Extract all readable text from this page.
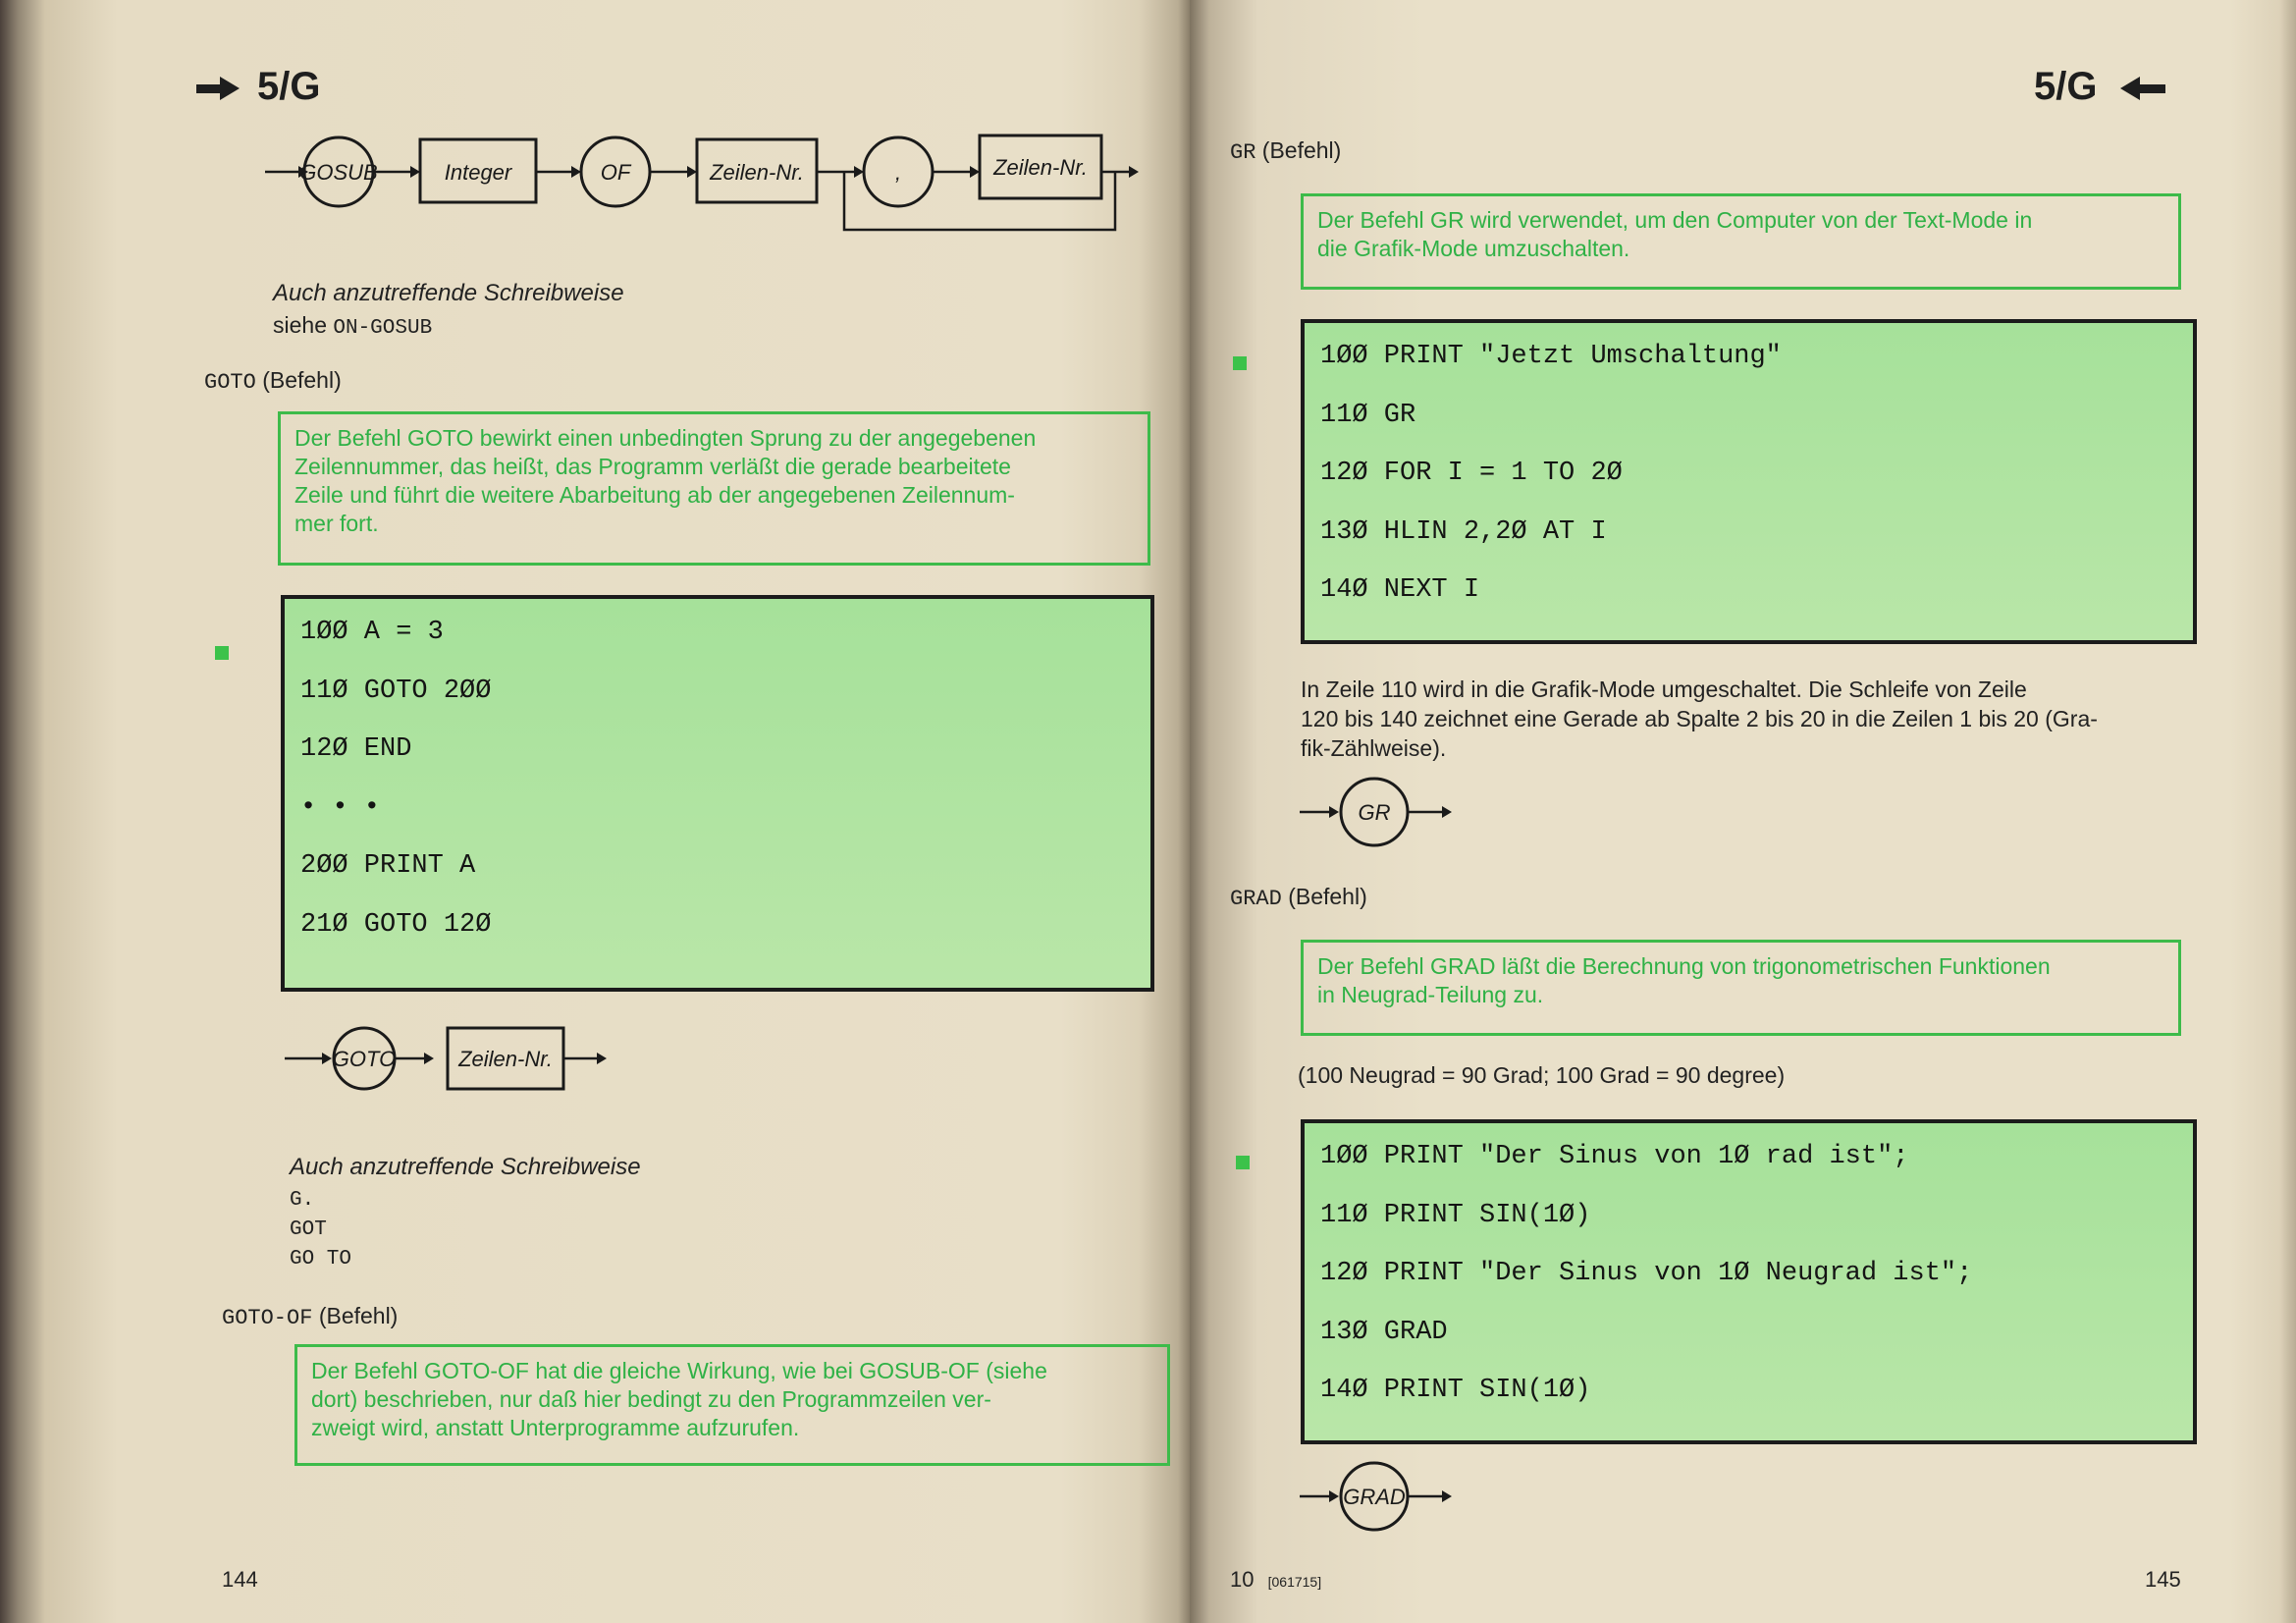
5/G
GOSUB	Integer	OF	Zeilen-Nr.	,	Zeilen-Nr.
Auch anzutreffende Schreibweise
siehe ON-GOSUB
GOTO (Befehl)
Der Befehl GOTO bewirkt einen unbedingten Sprung zu der angegebenen
Zeilennummer, das heißt, das Programm verläßt die gerade bearbeitete
Zeile und führt die weitere Abarbeitung ab der angegebenen Zeilennum-
mer fort.
1ØØ A = 3
11Ø GOTO 2ØØ
12Ø END
• • •
2ØØ PRINT A
21Ø GOTO 12Ø
GOTO	Zeilen-Nr.
Auch anzutreffende Schreibweise
G.
GOT
GO TO
GOTO-OF (Befehl)
Der Befehl GOTO-OF hat die gleiche Wirkung, wie bei GOSUB-OF (siehe
dort) beschrieben, nur daß hier bedingt zu den Programmzeilen ver-
zweigt wird, anstatt Unterprogramme aufzurufen.
144
5/G
GR (Befehl)
Der Befehl GR wird verwendet, um den Computer von der Text-Mode in
die Grafik-Mode umzuschalten.
1ØØ PRINT "Jetzt Umschaltung"
11Ø GR
12Ø FOR I = 1 TO 2Ø
13Ø HLIN 2,2Ø AT I
14Ø NEXT I
In Zeile 110 wird in die Grafik-Mode umgeschaltet. Die Schleife von Zeile
120 bis 140 zeichnet eine Gerade ab Spalte 2 bis 20 in die Zeilen 1 bis 20 (Gra-
fik-Zählweise).
GR
GRAD (Befehl)
Der Befehl GRAD läßt die Berechnung von trigonometrischen Funktionen
in Neugrad-Teilung zu.
(100 Neugrad = 90 Grad; 100 Grad = 90 degree)
1ØØ PRINT "Der Sinus von 1Ø rad ist";
11Ø PRINT SIN(1Ø)
12Ø PRINT "Der Sinus von 1Ø Neugrad ist";
13Ø GRAD
14Ø PRINT SIN(1Ø)
GRAD
10 [061715]	145
